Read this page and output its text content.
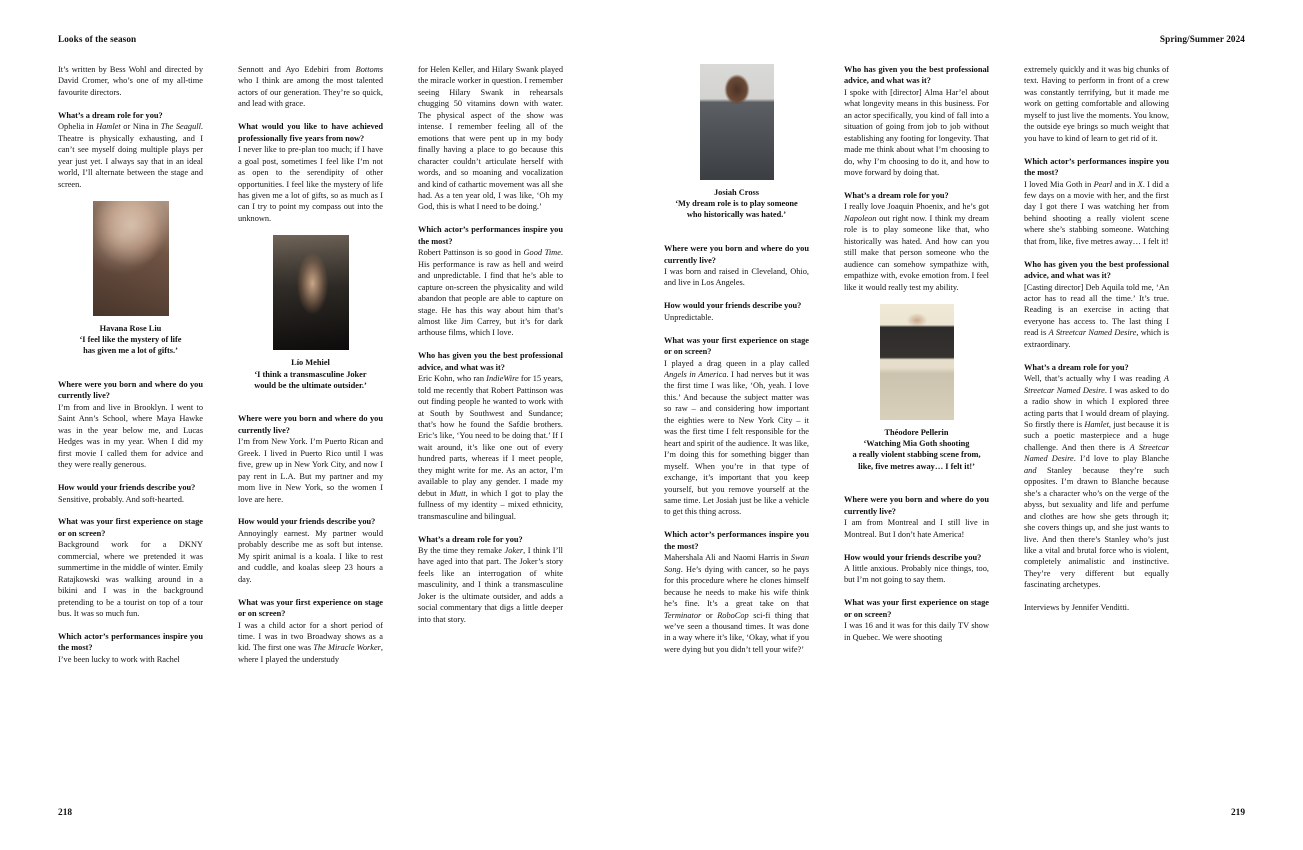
Looks of the season	Spring/Summer 2024
218	219

It’s written by Bess Wohl and directed by David Cromer, who’s one of my all-time favourite directors.

What’s a dream role for you?

Ophelia in Hamlet or Nina in The Seagull. Theatre is physically exhausting, and I can’t see myself doing multiple plays per year just yet. I always say that in an ideal world, I’ll alternate between the stage and screen.

Havana Rose Liu
‘I feel like the mystery of life
has given me a lot of gifts.’

Where were you born and where do you currently live?

I’m from and live in Brooklyn. I went to Saint Ann’s School, where Maya Hawke was in the year below me, and Lucas Hedges was in my year. When I did my first movie I called them for advice and they were really generous.

How would your friends describe you?

Sensitive, probably. And soft-hearted.

What was your first experience on stage or on screen?

Background work for a DKNY commercial, where we pretended it was summertime in the middle of winter. Emily Ratajkowski was walking around in a bikini and I was in the background pretending to be a tourist on top of a tour bus. It was so much fun.

Which actor’s performances inspire you the most?

I’ve been lucky to work with Rachel

Sennott and Ayo Edebiri from Bottoms who I think are among the most talented actors of our generation. They’re so quick, and lead with grace.

What would you like to have achieved professionally five years from now?

I never like to pre-plan too much; if I have a goal post, sometimes I feel like I’m not as open to the serendipity of other opportunities. I feel like the mystery of life has given me a lot of gifts, so as much as I can I try to point my compass out into the unknown.

Lío Mehiel
‘I think a transmasculine Joker
would be the ultimate outsider.’

Where were you born and where do you currently live?

I’m from New York. I’m Puerto Rican and Greek. I lived in Puerto Rico until I was five, grew up in New York City, and now I pay rent in L.A. But my partner and my mom live in New York, so the women I love are here.

How would your friends describe you?

Annoyingly earnest. My partner would probably describe me as soft but intense. My spirit animal is a koala. I like to rest and cuddle, and koalas sleep 23 hours a day.

What was your first experience on stage or on screen?

I was a child actor for a short period of time. I was in two Broadway shows as a kid. The first one was The Miracle Worker, where I played the understudy

for Helen Keller, and Hilary Swank played the miracle worker in question. I remember seeing Hilary Swank in rehearsals chugging 50 vitamins down with water. The physical aspect of the show was intense. I remember feeling all of the emotions that were pent up in my body finally having a place to go because this character couldn’t articulate herself with words, and so moaning and vocalization and kind of cathartic movement was all she had. As a ten year old, I was like, ‘Oh my God, this is what I need to be doing.’

Which actor’s performances inspire you the most?

Robert Pattinson is so good in Good Time. His performance is raw as hell and weird and unpredictable. I find that he’s able to capture on-screen the physicality and wild abandon that people are able to capture on stage. He has this way about him that’s almost like Jim Carrey, but it’s for dark arthouse films, which I love.

Who has given you the best professional advice, and what was it?

Eric Kohn, who ran IndieWire for 15 years, told me recently that Robert Pattinson was out finding people he wanted to work with at South by Southwest and Sundance; that’s how he found the Safdie brothers. Eric’s like, ‘You need to be doing that.’ If I wait around, it’s like one out of every hundred parts, whereas if I meet people, they might write for me. As an actor, I’m available to play any gender. I made my debut in Mutt, in which I got to play the fullness of my identity – mixed ethnicity, transmasculine and bilingual.

What’s a dream role for you?

By the time they remake Joker, I think I’ll have aged into that part. The Joker’s story feels like an interrogation of white masculinity, and I think a transmasculine Joker is the ultimate outsider, and adds a social commentary that digs a little deeper into that story.

Josiah Cross
‘My dream role is to play someone
who historically was hated.’

Where were you born and where do you currently live?

I was born and raised in Cleveland, Ohio, and live in Los Angeles.

How would your friends describe you?

Unpredictable.

What was your first experience on stage or on screen?

I played a drag queen in a play called Angels in America. I had nerves but it was the first time I was like, ‘Oh, yeah. I love this.’ And because the subject matter was so raw – and considering how important the eighties were to New York City – it was the first time I felt responsible for the heart and spirit of the audience. It was like, I’m doing this for something bigger than myself. When you’re in that type of exchange, it’s important that you keep yourself, but you remove yourself at the same time. Let Josiah just be like a vehicle to get this thing across.

Which actor’s performances inspire you the most?

Mahershala Ali and Naomi Harris in Swan Song. He’s dying with cancer, so he pays for this procedure where he clones himself because he needs to make his wife think he’s fine. It’s a great take on that Terminator or RoboCop sci-fi thing that we’ve seen a thousand times. It was done in a way where it’s like, ‘Okay, what if you were dying but you didn’t tell your wife?’

Who has given you the best professional advice, and what was it?

I spoke with [director] Alma Har’el about what longevity means in this business. For an actor specifically, you kind of fall into a situation of going from job to job without establishing any footing for longevity. That made me think about what I’m choosing to do, why I’m choosing to do it, and how to move forward by doing that.

What’s a dream role for you?

I really love Joaquin Phoenix, and he’s got Napoleon out right now. I think my dream role is to play someone like that, who historically was hated. And how can you still make that person someone who the audience can somehow sympathize with, empathize with, evoke emotion from. I feel like it would really test my ability.

Théodore Pellerin
‘Watching Mia Goth shooting
a really violent stabbing scene from,
like, five metres away… I felt it!’

Where were you born and where do you currently live?

I am from Montreal and I still live in Montreal. But I don’t hate America!

How would your friends describe you?

A little anxious. Probably nice things, too, but I’m not going to say them.

What was your first experience on stage or on screen?

I was 16 and it was for this daily TV show in Quebec. We were shooting

extremely quickly and it was big chunks of text. Having to perform in front of a crew was constantly terrifying, but it made me work on getting comfortable and allowing myself to just live the moments. You know, the outside eye brings so much weight that you have to kind of learn to get rid of it.

Which actor’s performances inspire you the most?

I loved Mia Goth in Pearl and in X. I did a few days on a movie with her, and the first day I got there I was watching her from behind shooting a really violent scene where she’s stabbing someone. Watching that from, like, five metres away… I felt it!

Who has given you the best professional advice, and what was it?

[Casting director] Deb Aquila told me, ‘An actor has to read all the time.’ It’s true. Reading is an exercise in acting that everyone has access to. The last thing I read is A Streetcar Named Desire, which is extraordinary.

What’s a dream role for you?

Well, that’s actually why I was reading A Streetcar Named Desire. I was asked to do a radio show in which I explored three acting parts that I would dream of playing. So firstly there is Hamlet, just because it is such a poetic masterpiece and a huge challenge. And then there is A Streetcar Named Desire. I’d love to play Blanche and Stanley because they’re such opposites. I’m drawn to Blanche because she’s a character who’s on the verge of the abyss, but sexuality and life and perfume and clothes are how she gets through it; she covers things up, and she just wants to live. And then there’s Stanley who’s just like a vital and brutal force who is violent, completely animalistic and instinctive. They’re very different but equally fascinating archetypes.

Interviews by Jennifer Venditti.
